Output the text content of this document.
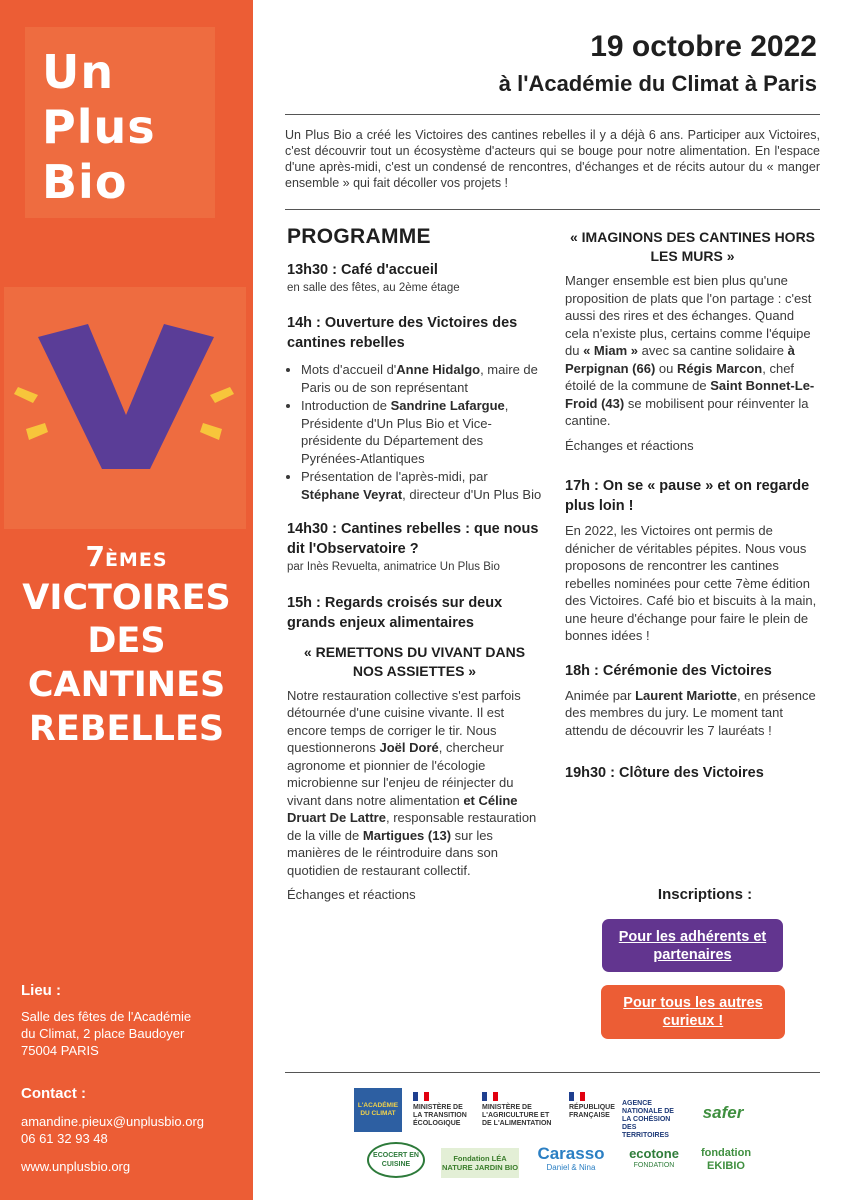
Un
Plus
Bio
7ÈMES
VICTOIRES
DES
CANTINES
REBELLES
Lieu :
Salle des fêtes de l'Académie
du Climat, 2 place Baudoyer
75004 PARIS
Contact :
amandine.pieux@unplusbio.org
06 61 32 93 48
www.unplusbio.org
19 octobre 2022
à l'Académie du Climat à Paris
Un Plus Bio a créé les Victoires des cantines rebelles il y a déjà 6 ans. Participer aux Victoires, c'est découvrir tout un écosystème d'acteurs qui se bouge pour notre alimentation. En l'espace d'une après-midi, c'est un condensé de rencontres, d'échanges et de récits autour du « manger ensemble » qui fait décoller vos projets !
PROGRAMME
13h30 : Café d'accueil
en salle des fêtes, au 2ème étage
14h : Ouverture des Victoires des cantines rebelles
• Mots d'accueil d'Anne Hidalgo, maire de Paris ou de son représentant
• Introduction de Sandrine Lafargue, Présidente d'Un Plus Bio et Vice-présidente du Département des Pyrénées-Atlantiques
• Présentation de l'après-midi, par Stéphane Veyrat, directeur d'Un Plus Bio
14h30 : Cantines rebelles : que nous dit l'Observatoire ?
par Inès Revuelta, animatrice Un Plus Bio
15h : Regards croisés sur deux grands enjeux alimentaires
« REMETTONS DU VIVANT DANS NOS ASSIETTES »

Notre restauration collective s'est parfois détournée d'une cuisine vivante. Il est encore temps de corriger le tir. Nous questionnerons Joël Doré, chercheur agronome et pionnier de l'écologie microbienne sur l'enjeu de réinjecter du vivant dans notre alimentation et Céline Druart De Lattre, responsable restauration de la ville de Martigues (13) sur les manières de le réintroduire dans son quotidien de restaurant collectif.

Échanges et réactions

« IMAGINONS DES CANTINES HORS LES MURS »

Manger ensemble est bien plus qu'une proposition de plats que l'on partage : c'est aussi des rires et des échanges. Quand cela n'existe plus, certains comme l'équipe du « Miam » avec sa cantine solidaire à Perpignan (66) ou Régis Marcon, chef étoilé de la commune de Saint Bonnet-Le-Froid (43) se mobilisent pour réinventer la cantine.

Échanges et réactions

17h : On se « pause » et on regarde plus loin !

En 2022, les Victoires ont permis de dénicher de véritables pépites. Nous vous proposons de rencontrer les cantines rebelles nominées pour cette 7ème édition des Victoires. Café bio et biscuits à la main, une heure d'échange pour faire le plein de bonnes idées !

18h : Cérémonie des Victoires

Animée par Laurent Mariotte, en présence des membres du jury. Le moment tant attendu de découvrir les 7 lauréats !

19h30 : Clôture des Victoires
Inscriptions :
Pour les adhérents et partenaires
Pour tous les autres curieux !
L'ACADÉMIE DU CLIMAT
MINISTÈRE DE LA TRANSITION ÉCOLOGIQUE
MINISTÈRE DE L'AGRICULTURE ET DE L'ALIMENTATION
RÉPUBLIQUE FRANÇAISE
AGENCE NATIONALE DE LA COHÉSION DES TERRITOIRES
safer
ECOCERT EN CUISINE
Fondation LÉA NATURE JARDIN BIO
Carasso
Daniel & Nina
ecotone
FONDATION
fondation EKIBIO
